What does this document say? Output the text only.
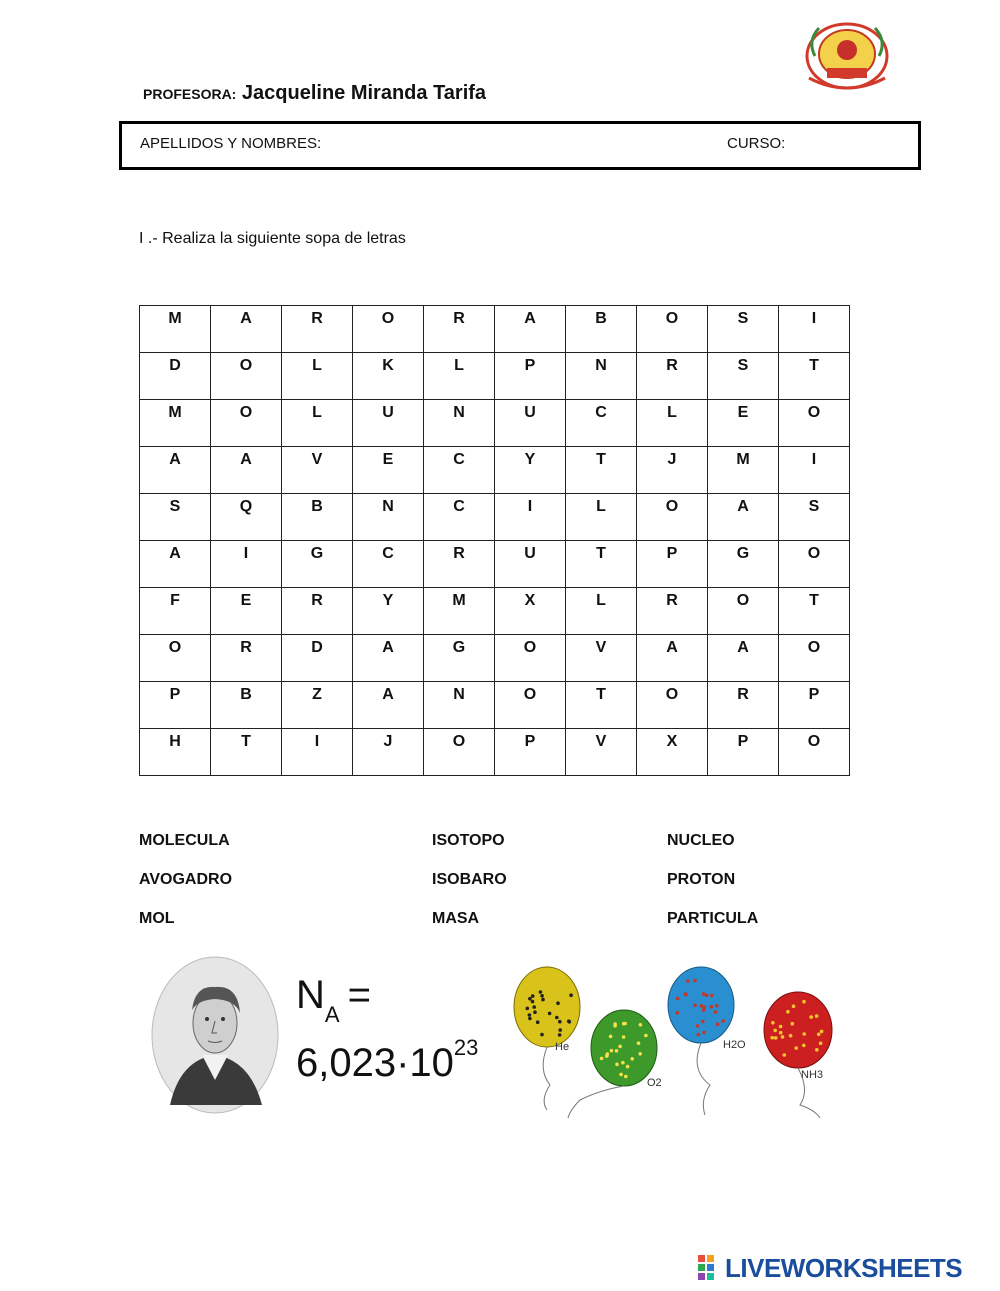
PROFESORA: Jacqueline Miranda Tarifa
APELLIDOS Y NOMBRES:	CURSO:
I .- Realiza la siguiente sopa de letras
M	A	R	O	R	A	B	O	S	I
D	O	L	K	L	P	N	R	S	T
M	O	L	U	N	U	C	L	E	O
A	A	V	E	C	Y	T	J	M	I
S	Q	B	N	C	I	L	O	A	S
A	I	G	C	R	U	T	P	G	O
F	E	R	Y	M	X	L	R	O	T
O	R	D	A	G	O	V	A	A	O
P	B	Z	A	N	O	T	O	R	P
H	T	I	J	O	P	V	X	P	O
MOLECULA
AVOGADRO
MOL
ISOTOPO
ISOBARO
MASA
NUCLEO
PROTON
PARTICULA
$N_A$ =
$6,023\cdot 10^{23}$	He
O2
H2O
NH3
LIVEWORKSHEETS
